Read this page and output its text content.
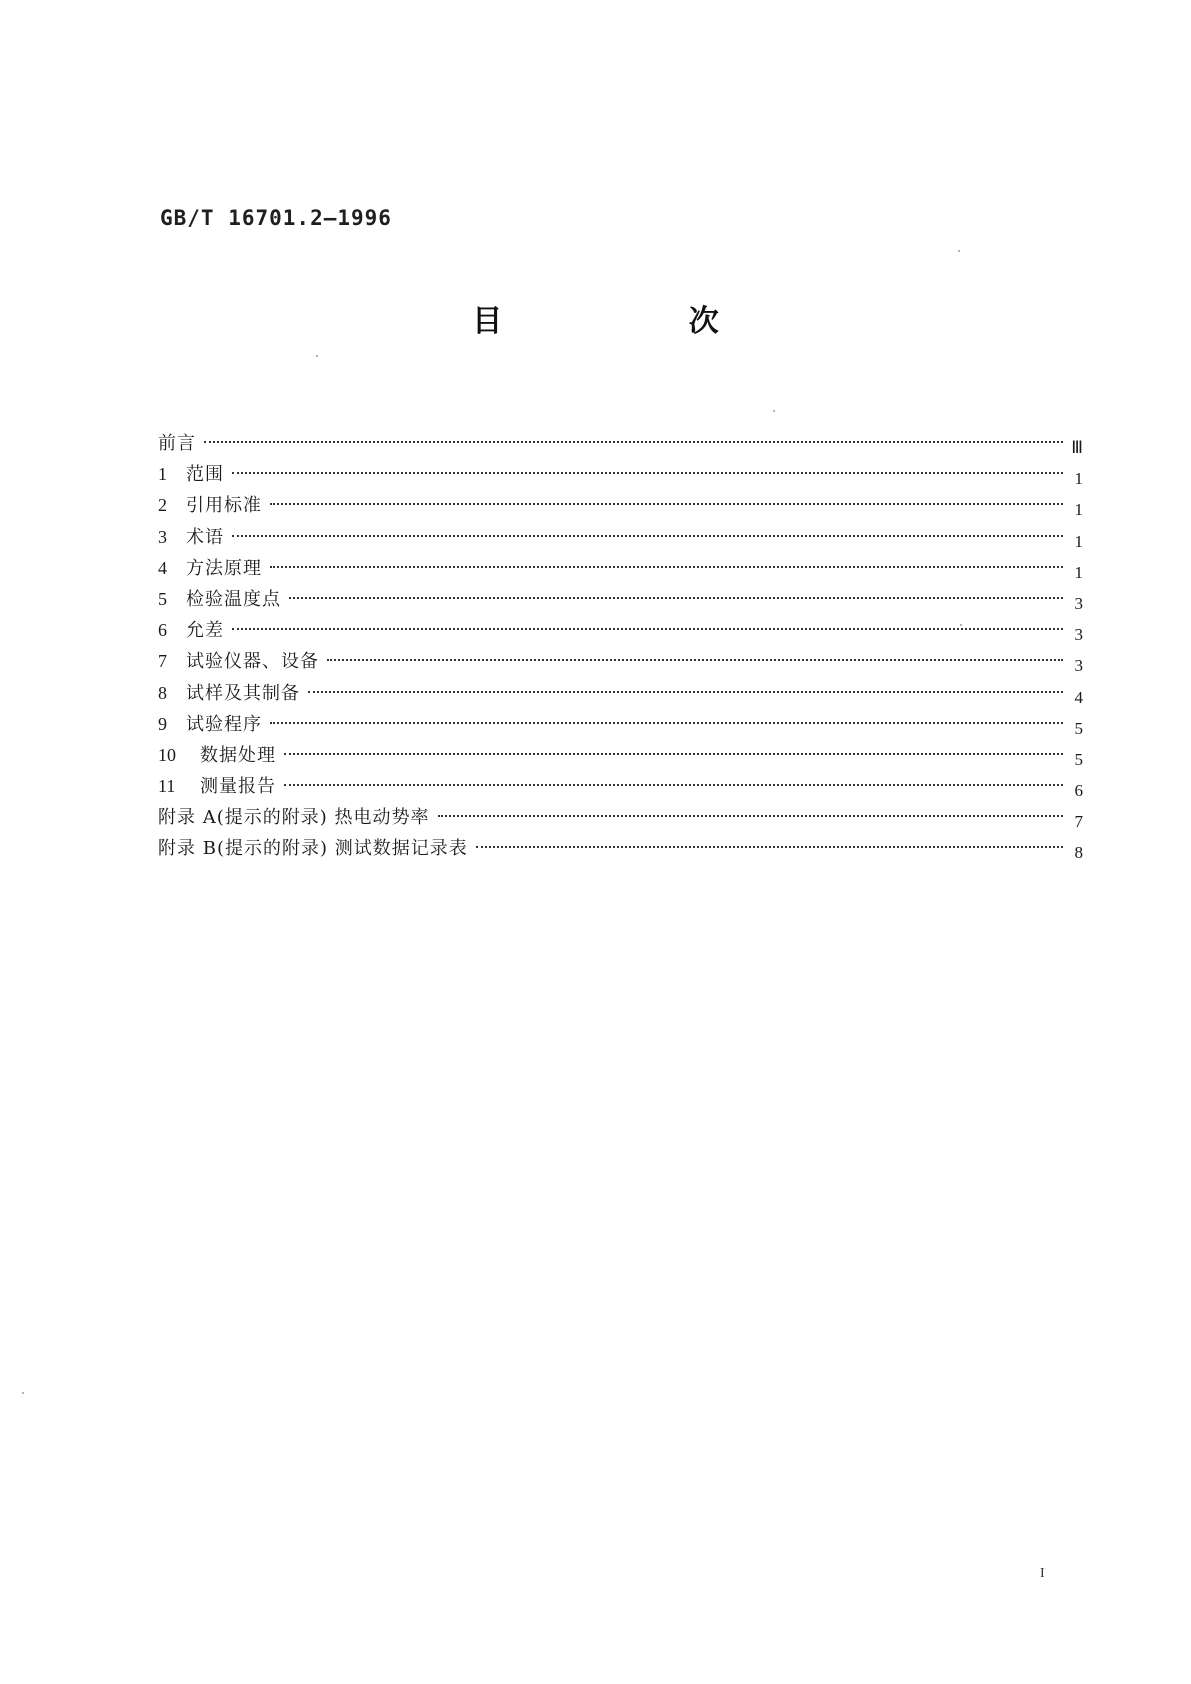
GB/T 16701.2—1996
目 次
前言	Ⅲ
1	范围	1
2	引用标准	1
3	术语	1
4	方法原理	1
5	检验温度点	3
6	允差	3
7	试验仪器、设备	3
8	试样及其制备	4
9	试验程序	5
10	数据处理	5
11	测量报告	6
附录 A(提示的附录) 热电动势率	7
附录 B(提示的附录) 测试数据记录表	8
I
